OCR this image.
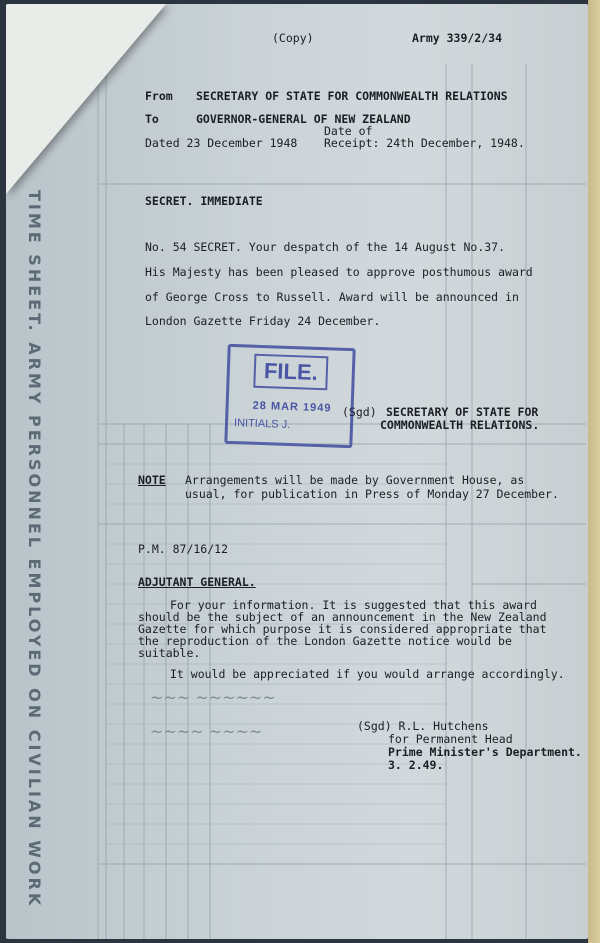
TIME SHEET. ARMY PERSONNEL EMPLOYED ON CIVILIAN WORK
(Copy)	Army 339/2/34
From SECRETARY OF STATE FOR COMMONWEALTH RELATIONS
To	GOVERNOR-GENERAL OF NEW ZEALAND
Date of
Dated 23 December 1948 Receipt: 24th December, 1948.
SECRET. IMMEDIATE
No. 54 SECRET. Your despatch of the 14 August No.37.
His Majesty has been pleased to approve posthumous award
of George Cross to Russell. Award will be announced in
London Gazette Friday 24 December.
FILE.
28 MAR 1949
INITIALS J.
(Sgd) SECRETARY OF STATE FOR
COMMONWEALTH RELATIONS.
NOTE Arrangements will be made by Government House, as
usual, for publication in Press of Monday 27 December.
P.M. 87/16/12
ADJUTANT GENERAL.
For your information. It is suggested that this award
should be the subject of an announcement in the New Zealand
Gazette for which purpose it is considered appropriate that
the reproduction of the London Gazette notice would be
suitable.
It would be appreciated if you would arrange accordingly.
~~~ ~~~~~~
~~~~ ~~~~	(Sgd) R.L. Hutchens
for Permanent Head
Prime Minister's Department.
3. 2.49.
